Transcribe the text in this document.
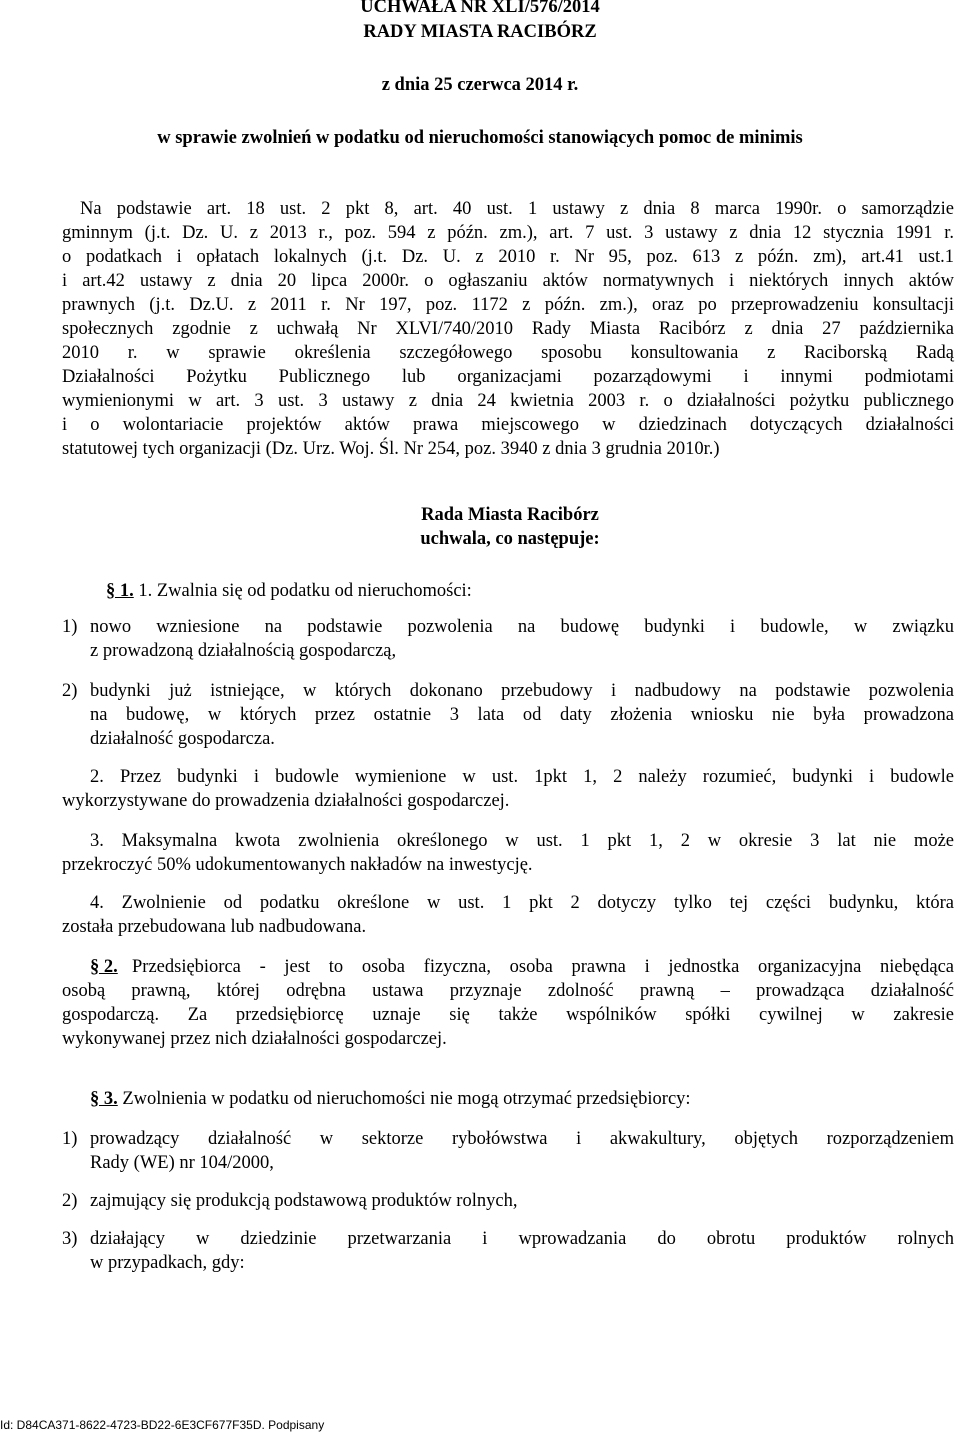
UCHWAŁA NR XLI/576/2014
RADY MIASTA RACIBÓRZ
z dnia 25 czerwca 2014 r.
w sprawie zwolnień w podatku od nieruchomości stanowiących pomoc de minimis
Na podstawie art. 18 ust. 2 pkt 8, art. 40 ust. 1 ustawy z dnia 8 marca 1990r. o samorządzie
gminnym (j.t. Dz. U. z 2013 r., poz. 594 z późn. zm.), art. 7 ust. 3 ustawy z dnia 12 stycznia 1991 r.
o podatkach i opłatach lokalnych (j.t. Dz. U. z 2010 r. Nr 95, poz. 613 z późn. zm), art.41 ust.1
i art.42 ustawy z dnia 20 lipca 2000r. o ogłaszaniu aktów normatywnych i niektórych innych aktów
prawnych (j.t. Dz.U. z 2011 r. Nr 197, poz. 1172 z późn. zm.), oraz po przeprowadzeniu konsultacji
społecznych zgodnie z uchwałą Nr XLVI/740/2010 Rady Miasta Racibórz z dnia 27 października
2010 r. w sprawie określenia szczegółowego sposobu konsultowania z Raciborską Radą
Działalności Pożytku Publicznego lub organizacjami pozarządowymi i innymi podmiotami
wymienionymi w art. 3 ust. 3 ustawy z dnia 24 kwietnia 2003 r. o działalności pożytku publicznego
i o wolontariacie projektów aktów prawa miejscowego w dziedzinach dotyczących działalności
statutowej tych organizacji (Dz. Urz. Woj. Śl. Nr 254, poz. 3940 z dnia 3 grudnia 2010r.)
Rada Miasta Racibórz
uchwala, co następuje:
§ 1. 1. Zwalnia się od podatku od nieruchomości:
1) nowo wzniesione na podstawie pozwolenia na budowę budynki i budowle, w związku
z prowadzoną działalnością gospodarczą,
2) budynki już istniejące, w których dokonano przebudowy i nadbudowy na podstawie pozwolenia
na budowę, w których przez ostatnie 3 lata od daty złożenia wniosku nie była prowadzona
działalność gospodarcza.
2. Przez budynki i budowle wymienione w ust. 1pkt 1, 2 należy rozumieć, budynki i budowle
wykorzystywane do prowadzenia działalności gospodarczej.
3. Maksymalna kwota zwolnienia określonego w ust. 1 pkt 1, 2 w okresie 3 lat nie może
przekroczyć 50% udokumentowanych nakładów na inwestycję.
4. Zwolnienie od podatku określone w ust. 1 pkt 2 dotyczy tylko tej części budynku, która
została przebudowana lub nadbudowana.
§ 2. Przedsiębiorca - jest to osoba fizyczna, osoba prawna i jednostka organizacyjna niebędąca
osobą prawną, której odrębna ustawa przyznaje zdolność prawną – prowadząca działalność
gospodarczą. Za przedsiębiorcę uznaje się także wspólników spółki cywilnej w zakresie
wykonywanej przez nich działalności gospodarczej.
§ 3. Zwolnienia w podatku od nieruchomości nie mogą otrzymać przedsiębiorcy:
1) prowadzący działalność w sektorze rybołówstwa i akwakultury, objętych rozporządzeniem
Rady (WE) nr 104/2000,
2) zajmujący się produkcją podstawową produktów rolnych,
3) działający w dziedzinie przetwarzania i wprowadzania do obrotu produktów rolnych
w przypadkach, gdy:
Id: D84CA371-8622-4723-BD22-6E3CF677F35D. Podpisany
